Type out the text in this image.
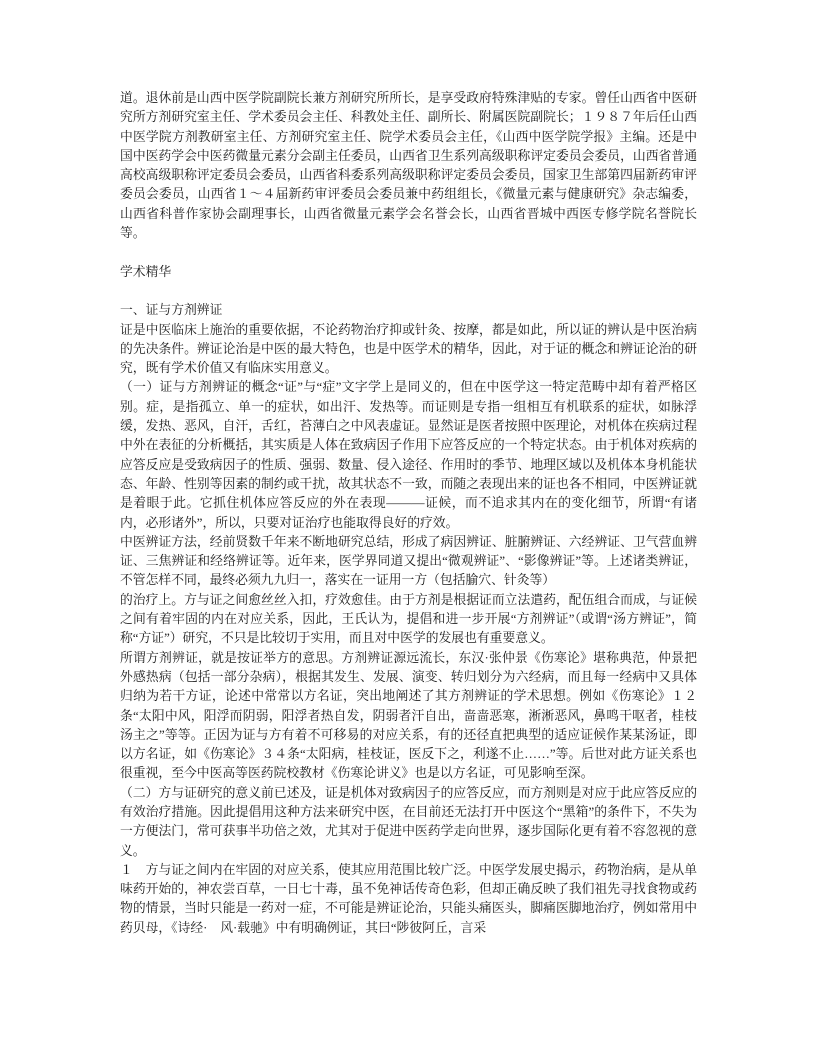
道。退休前是山西中医学院副院长兼方剂研究所所长，是享受政府特殊津贴的专家。曾任山西省中医研究所方剂研究室主任、学术委员会主任、科教处主任、副所长、附属医院副院长；１９８７年后任山西中医学院方剂教研室主任、方剂研究室主任、院学术委员会主任，《山西中医学院学报》主编。还是中国中医药学会中医药微量元素分会副主任委员，山西省卫生系列高级职称评定委员会委员，山西省普通高校高级职称评定委员会委员，山西省科委系列高级职称评定委员会委员，国家卫生部第四届新药审评委员会委员，山西省１～４届新药审评委员会委员兼中药组组长，《微量元素与健康研究》杂志编委，山西省科普作家协会副理事长，山西省微量元素学会名誉会长，山西省晋城中西医专修学院名誉院长等。

学术精华

一、证与方剂辨证

证是中医临床上施治的重要依据，不论药物治疗抑或针灸、按摩，都是如此，所以证的辨认是中医治病的先决条件。辨证论治是中医的最大特色，也是中医学术的精华，因此，对于证的概念和辨证论治的研究，既有学术价值又有临床实用意义。

（一）证与方剂辨证的概念“证”与“症”文字学上是同义的，但在中医学这一特定范畴中却有着严格区别。症，是指孤立、单一的症状，如出汗、发热等。而证则是专指一组相互有机联系的症状，如脉浮缓，发热、恶风，自汗，舌红，苔薄白之中风表虚证。显然证是医者按照中医理论，对机体在疾病过程中外在表征的分析概括，其实质是人体在致病因子作用下应答反应的一个特定状态。由于机体对疾病的应答反应是受致病因子的性质、强弱、数量、侵入途径、作用时的季节、地理区域以及机体本身机能状态、年龄、性别等因素的制约或干扰，故其状态不一致，而随之表现出来的证也各不相同，中医辨证就是着眼于此。它抓住机体应答反应的外在表现———证候，而不追求其内在的变化细节，所谓“有诸内，必形诸外”，所以，只要对证治疗也能取得良好的疗效。

中医辨证方法，经前贤数千年来不断地研究总结，形成了病因辨证、脏腑辨证、六经辨证、卫气营血辨证、三焦辨证和经络辨证等。近年来，医学界同道又提出“微观辨证”、“影像辨证”等。上述诸类辨证，不管怎样不同，最终必须九九归一，落实在一证用一方（包括腧穴、针灸等）

的治疗上。方与证之间愈丝丝入扣，疗效愈佳。由于方剂是根据证而立法遣药，配伍组合而成，与证候之间有着牢固的内在对应关系，因此，王氏认为，提倡和进一步开展“方剂辨证”（或谓“汤方辨证”，简称“方证”）研究，不只是比较切于实用，而且对中医学的发展也有重要意义。

所谓方剂辨证，就是按证举方的意思。方剂辨证源远流长，东汉·张仲景《伤寒论》堪称典范，仲景把外感热病（包括一部分杂病），根据其发生、发展、演变、转归划分为六经病，而且每一经病中又具体归纳为若干方证，论述中常常以方名证，突出地阐述了其方剂辨证的学术思想。例如《伤寒论》１２条“太阳中风，阳浮而阴弱，阳浮者热自发，阴弱者汗自出，啬啬恶寒，淅淅恶风，鼻鸣干呕者，桂枝汤主之”等等。正因为证与方有着不可移易的对应关系，有的还径直把典型的适应证候作某某汤证，即以方名证，如《伤寒论》３４条“太阳病，桂枝证，医反下之，利遂不止……”等。后世对此方证关系也很重视，至今中医高等医药院校教材《伤寒论讲义》也是以方名证，可见影响至深。

（二）方与证研究的意义前已述及，证是机体对致病因子的应答反应，而方剂则是对应于此应答反应的有效治疗措施。因此提倡用这种方法来研究中医，在目前还无法打开中医这个“黑箱”的条件下，不失为一方便法门，常可获事半功倍之效，尤其对于促进中医药学走向世界，逐步国际化更有着不容忽视的意义。

１　方与证之间内在牢固的对应关系，使其应用范围比较广泛。中医学发展史揭示，药物治病，是从单味药开始的，神农尝百草，一日七十毒，虽不免神话传奇色彩，但却正确反映了我们祖先寻找食物或药物的情景，当时只能是一药对一症，不可能是辨证论治，只能头痛医头，脚痛医脚地治疗，例如常用中药贝母，《诗经·　风·载驰》中有明确例证，其曰“陟彼阿丘，言采
